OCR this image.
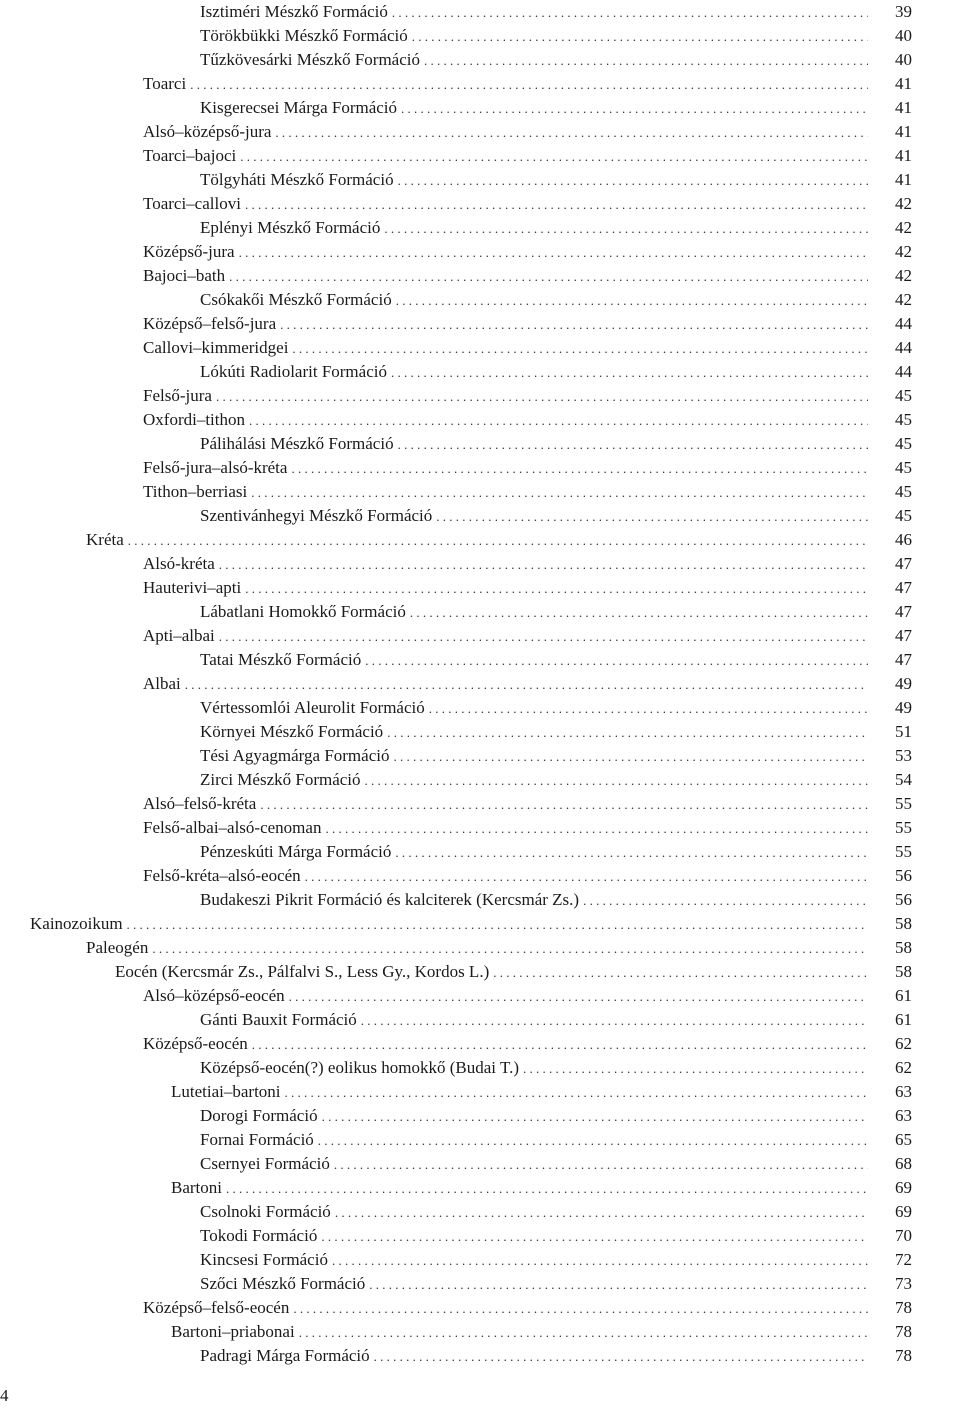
Isztiméri Mészkő Formáció . . .	39
Törökbükki Mészkő Formáció . . .	40
Tűzkövesárki Mészkő Formáció . . .	40
Toarci . . .	41
Kisgerecsei Márga Formáció . . .	41
Alsó–középső-jura . . .	41
Toarci–bajoci . . .	41
Tölgyháti Mészkő Formáció . . .	41
Toarci–callovi . . .	42
Eplényi Mészkő Formáció . . .	42
Középső-jura . . .	42
Bajoci–bath . . .	42
Csókakői Mészkő Formáció . . .	42
Középső–felső-jura . . .	44
Callovi–kimmeridgei . . .	44
Lókúti Radiolarit Formáció . . .	44
Felső-jura . . .	45
Oxfordi–tithon . . .	45
Pálihálási Mészkő Formáció . . .	45
Felső-jura–alsó-kréta . . .	45
Tithon–berriasi . . .	45
Szentivánhegyi Mészkő Formáció . . .	45
Kréta . . .	46
Alsó-kréta . . .	47
Hauterivi–apti . . .	47
Lábatlani Homokkő Formáció . . .	47
Apti–albai . . .	47
Tatai Mészkő Formáció . . .	47
Albai . . .	49
Vértessomlói Aleurolit Formáció . . .	49
Környei Mészkő Formáció . . .	51
Tési Agyagmárga Formáció . . .	53
Zirci Mészkő Formáció . . .	54
Alsó–felső-kréta . . .	55
Felső-albai–alsó-cenoman . . .	55
Pénzeskúti Márga Formáció . . .	55
Felső-kréta–alsó-eocén . . .	56
Budakeszi Pikrit Formáció és kalciterek (Kercsmár Zs.) . . .	56
Kainozoikum . . .	58
Paleogén . . .	58
Eocén (Kercsmár Zs., Pálfalvi S., Less Gy., Kordos L.) . . .	58
Alsó–középső-eocén . . .	61
Gánti Bauxit Formáció . . .	61
Középső-eocén . . .	62
Középső-eocén(?) eolikus homokkő (Budai T.) . . .	62
Lutetiai–bartoni . . .	63
Dorogi Formáció . . .	63
Fornai Formáció . . .	65
Csernyei Formáció . . .	68
Bartoni . . .	69
Csolnoki Formáció . . .	69
Tokodi Formáció . . .	70
Kincsesi Formáció . . .	72
Szőci Mészkő Formáció . . .	73
Középső–felső-eocén . . .	78
Bartoni–priabonai . . .	78
Padragi Márga Formáció . . .	78
4
